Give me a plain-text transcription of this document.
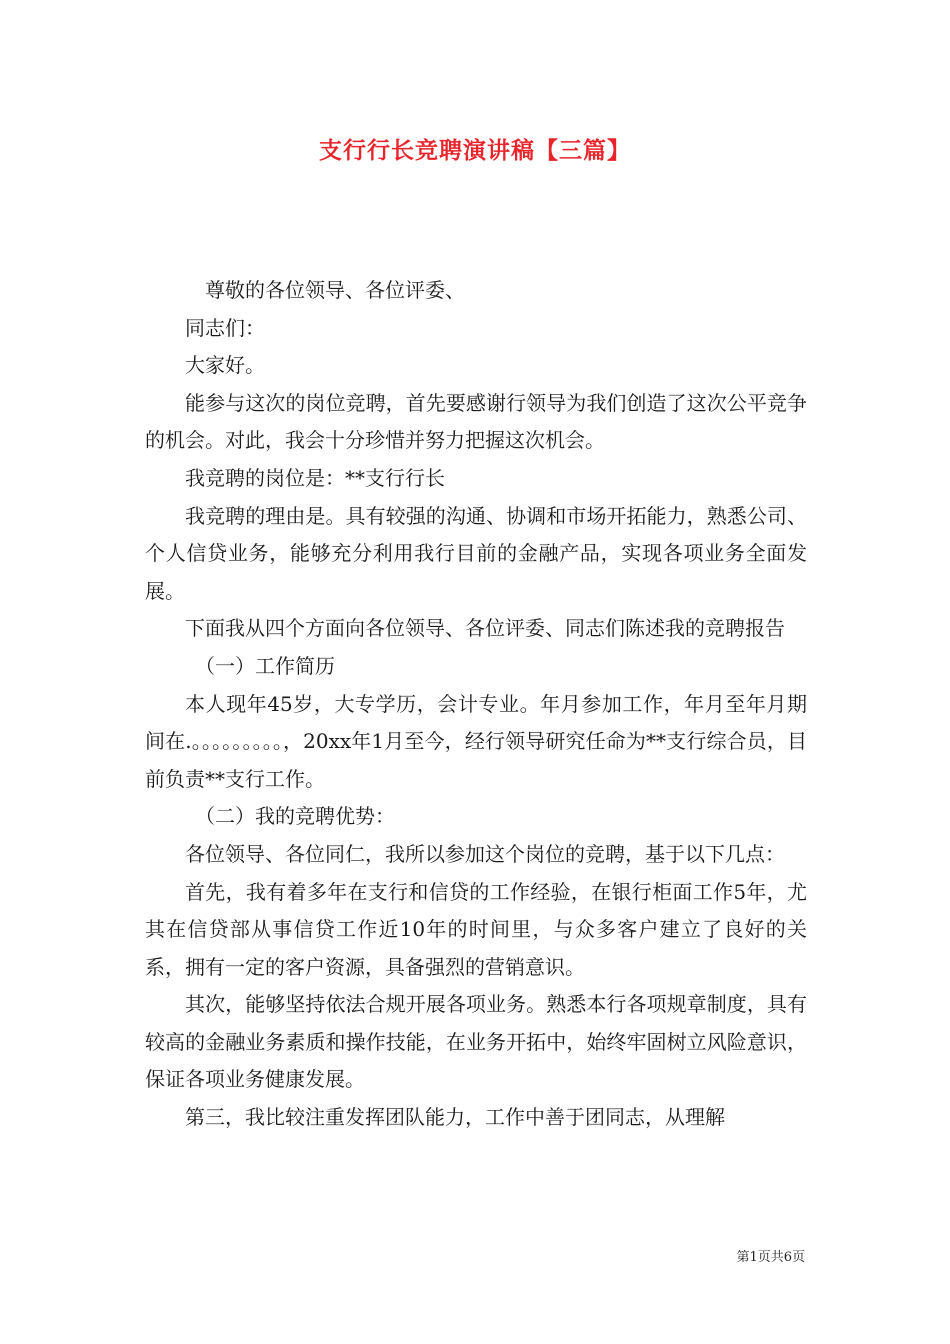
支行行长竞聘演讲稿【三篇】

尊敬的各位领导、各位评委、

同志们：

大家好。

能参与这次的岗位竞聘，首先要感谢行领导为我们创造了这次公平竞争的机会。对此，我会十分珍惜并努力把握这次机会。

我竞聘的岗位是：**支行行长

我竞聘的理由是。具有较强的沟通、协调和市场开拓能力，熟悉公司、个人信贷业务，能够充分利用我行目前的金融产品，实现各项业务全面发展。

下面我从四个方面向各位领导、各位评委、同志们陈述我的竞聘报告

（一）工作简历

本人现年45岁，大专学历，会计专业。年月参加工作，年月至年月期间在.。。。。。。。。。，20xx年1月至今，经行领导研究任命为**支行综合员，目前负责**支行工作。

（二）我的竞聘优势：

各位领导、各位同仁，我所以参加这个岗位的竞聘，基于以下几点：

首先，我有着多年在支行和信贷的工作经验，在银行柜面工作5年，尤其在信贷部从事信贷工作近10年的时间里，与众多客户建立了良好的关系，拥有一定的客户资源，具备强烈的营销意识。

其次，能够坚持依法合规开展各项业务。熟悉本行各项规章制度，具有较高的金融业务素质和操作技能，在业务开拓中，始终牢固树立风险意识，保证各项业务健康发展。

第三，我比较注重发挥团队能力，工作中善于团同志，从理解

第1页共6页
